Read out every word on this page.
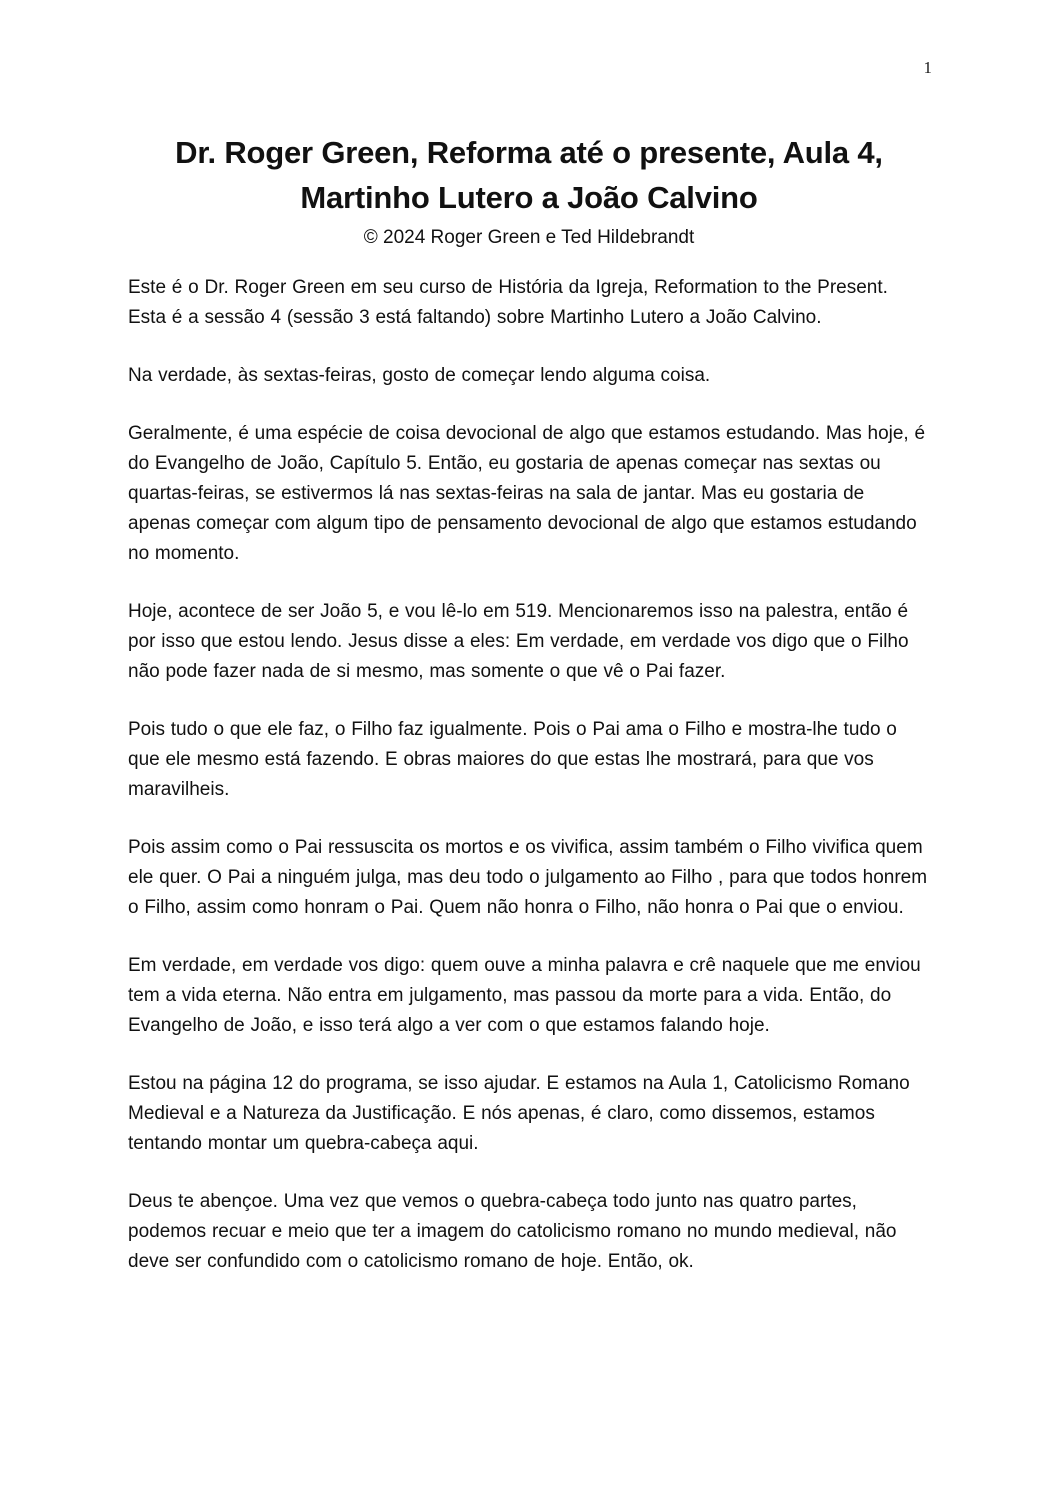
1
Dr. Roger Green, Reforma até o presente, Aula 4,
Martinho Lutero a João Calvino
© 2024 Roger Green e Ted Hildebrandt
Este é o Dr. Roger Green em seu curso de História da Igreja, Reformation to the Present. Esta é a sessão 4 (sessão 3 está faltando) sobre Martinho Lutero a João Calvino.
Na verdade, às sextas-feiras, gosto de começar lendo alguma coisa.
Geralmente, é uma espécie de coisa devocional de algo que estamos estudando. Mas hoje, é do Evangelho de João, Capítulo 5. Então, eu gostaria de apenas começar nas sextas ou quartas-feiras, se estivermos lá nas sextas-feiras na sala de jantar. Mas eu gostaria de apenas começar com algum tipo de pensamento devocional de algo que estamos estudando no momento.
Hoje, acontece de ser João 5, e vou lê-lo em 519. Mencionaremos isso na palestra, então é por isso que estou lendo. Jesus disse a eles: Em verdade, em verdade vos digo que o Filho não pode fazer nada de si mesmo, mas somente o que vê o Pai fazer.
Pois tudo o que ele faz, o Filho faz igualmente. Pois o Pai ama o Filho e mostra-lhe tudo o que ele mesmo está fazendo. E obras maiores do que estas lhe mostrará, para que vos maravilheis.
Pois assim como o Pai ressuscita os mortos e os vivifica, assim também o Filho vivifica quem ele quer. O Pai a ninguém julga, mas deu todo o julgamento ao Filho , para que todos honrem o Filho, assim como honram o Pai. Quem não honra o Filho, não honra o Pai que o enviou.
Em verdade, em verdade vos digo: quem ouve a minha palavra e crê naquele que me enviou tem a vida eterna. Não entra em julgamento, mas passou da morte para a vida. Então, do Evangelho de João, e isso terá algo a ver com o que estamos falando hoje.
Estou na página 12 do programa, se isso ajudar. E estamos na Aula 1, Catolicismo Romano Medieval e a Natureza da Justificação. E nós apenas, é claro, como dissemos, estamos tentando montar um quebra-cabeça aqui.
Deus te abençoe. Uma vez que vemos o quebra-cabeça todo junto nas quatro partes, podemos recuar e meio que ter a imagem do catolicismo romano no mundo medieval, não deve ser confundido com o catolicismo romano de hoje. Então, ok.
